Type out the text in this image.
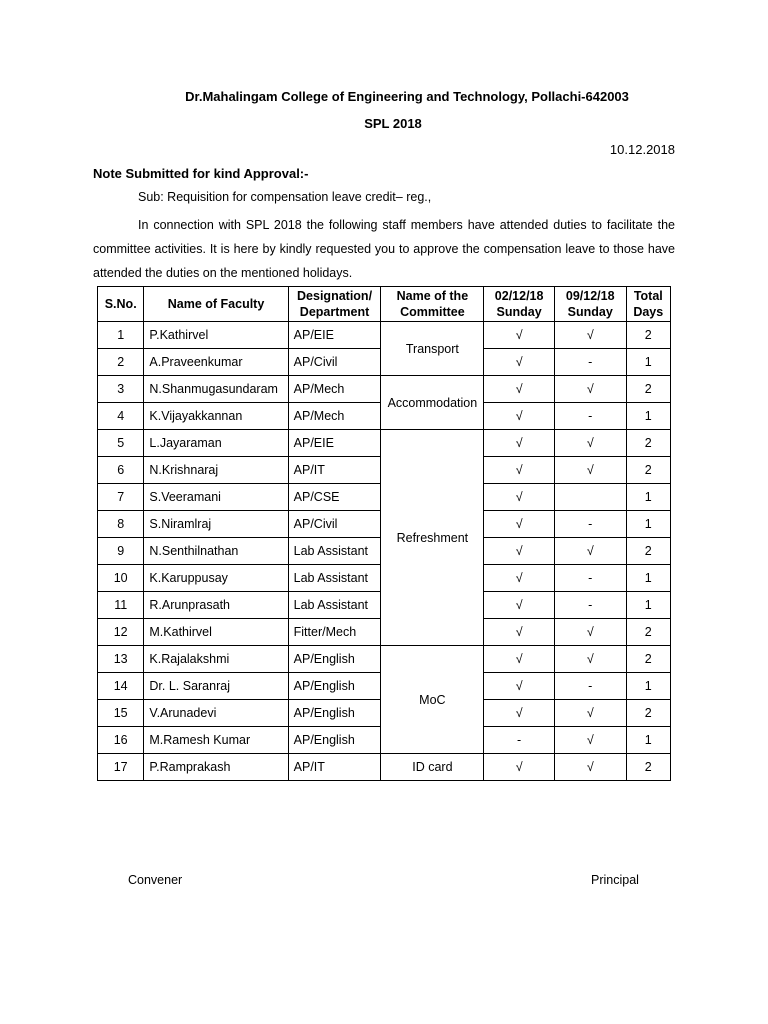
Dr.Mahalingam College of Engineering and Technology, Pollachi-642003
SPL 2018
10.12.2018
Note Submitted for kind Approval:-
Sub: Requisition for compensation leave credit– reg.,
In connection with SPL 2018 the following staff members have attended duties to facilitate the committee activities. It is here by kindly requested you to approve the compensation leave to those have attended the duties on the mentioned holidays.
S.No.	Name of Faculty	Designation/ Department	Name of the Committee	02/12/18 Sunday	09/12/18 Sunday	Total Days
1	P.Kathirvel	AP/EIE	Transport	√	√	2
2	A.Praveenkumar	AP/Civil		√	-	1
3	N.Shanmugasundaram	AP/Mech	Accommodation	√	√	2
4	K.Vijayakkannan	AP/Mech		√	-	1
5	L.Jayaraman	AP/EIE	Refreshment	√	√	2
6	N.Krishnaraj	AP/IT		√	√	2
7	S.Veeramani	AP/CSE		√		1
8	S.Niramlraj	AP/Civil		√	-	1
9	N.Senthilnathan	Lab Assistant		√	√	2
10	K.Karuppusay	Lab Assistant		√	-	1
11	R.Arunprasath	Lab Assistant		√	-	1
12	M.Kathirvel	Fitter/Mech		√	√	2
13	K.Rajalakshmi	AP/English	MoC	√	√	2
14	Dr. L. Saranraj	AP/English		√	-	1
15	V.Arunadevi	AP/English		√	√	2
16	M.Ramesh Kumar	AP/English		-	√	1
17	P.Ramprakash	AP/IT	ID card	√	√	2
Convener	Principal
